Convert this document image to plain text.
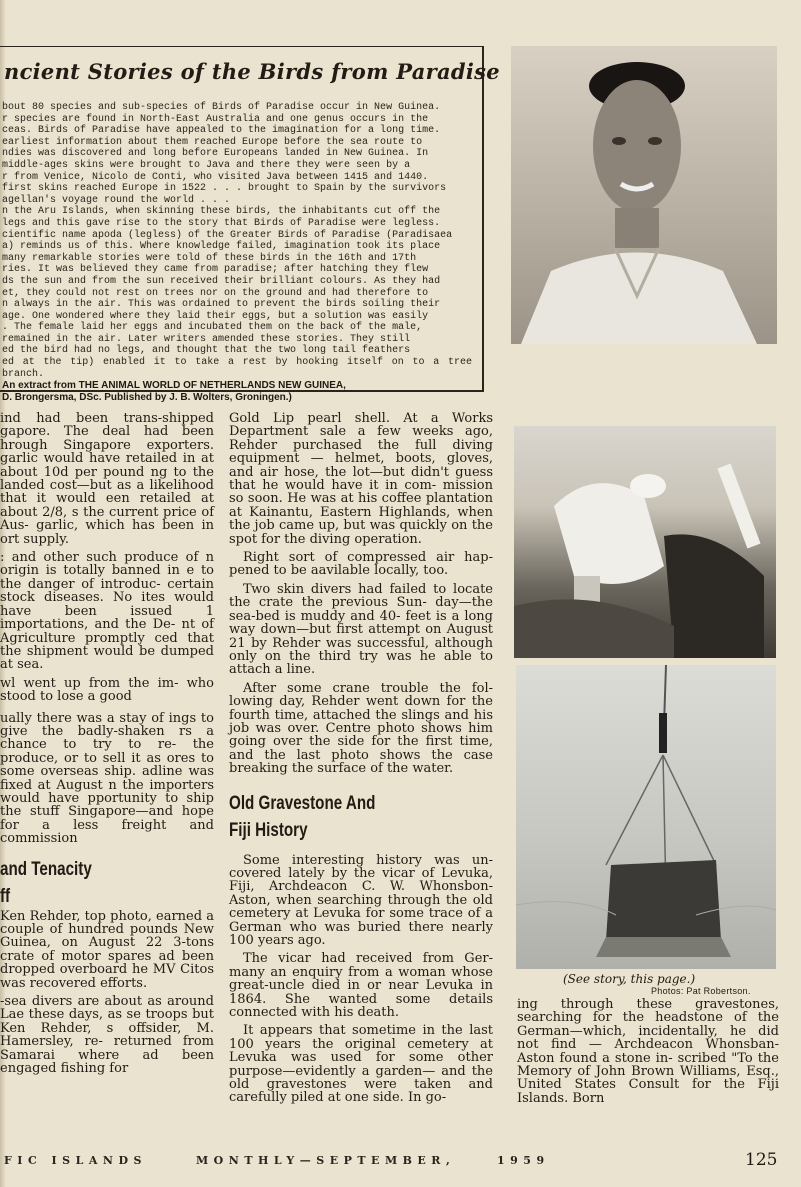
ncient Stories of the Birds from Paradise
bout 80 species and sub-species of Birds of Paradise occur in New Guinea.
r species are found in North-East Australia and one genus occurs in the
ceas. Birds of Paradise have appealed to the imagination for a long time.
earliest information about them reached Europe before the sea route to
ndies was discovered and long before Europeans landed in New Guinea. In
middle-ages skins were brought to Java and there they were seen by a
r from Venice, Nicolo de Conti, who visited Java between 1415 and 1440.
first skins reached Europe in 1522 . . . brought to Spain by the survivors
agellan's voyage round the world . . .
n the Aru Islands, when skinning these birds, the inhabitants cut off the
legs and this gave rise to the story that Birds of Paradise were legless.
cientific name apoda (legless) of the Greater Birds of Paradise (Paradisaea
a) reminds us of this. Where knowledge failed, imagination took its place
many remarkable stories were told of these birds in the 16th and 17th
ries. It was believed they came from paradise; after hatching they flew
ds the sun and from the sun received their brilliant colours. As they had
et, they could not rest on trees nor on the ground and had therefore to
n always in the air. This was ordained to prevent the birds soiling their
age. One wondered where they laid their eggs, but a solution was easily
. The female laid her eggs and incubated them on the back of the male,
remained in the air. Later writers amended these stories. They still
ed the bird had no legs, and thought that the two long tail feathers
ed at the tip) enabled it to take a rest by hooking itself on to a tree branch.
An extract from THE ANIMAL WORLD OF NETHERLANDS NEW GUINEA,
D. Brongersma, DSc. Published by J. B. Wolters, Groningen.)

ind had been trans-shipped gapore. The deal had been hrough Singapore exporters. garlic would have retailed in at about 10d per pound ng to the landed cost—but as a likelihood that it would een retailed at about 2/8, s the current price of Aus- garlic, which has been in ort supply.

: and other such produce of n origin is totally banned in e to the danger of introduc- certain stock diseases. No ites would have been issued 1 importations, and the De- nt of Agriculture promptly ced that the shipment would be dumped at sea.

wl went up from the im- who stood to lose a good

ually there was a stay of ings to give the badly-shaken rs a chance to try to re- the produce, or to sell it as ores to some overseas ship. adline was fixed at August n the importers would have pportunity to ship the stuff Singapore—and hope for a less freight and commission

and Tenacity
ff

Ken Rehder, top photo, earned a couple of hundred pounds New Guinea, on August 22 3-tons crate of motor spares ad been dropped overboard he MV Citos was recovered efforts.

-sea divers are about as around Lae these days, as se troops but Ken Rehder, s offsider, M. Hamersley, re- returned from Samarai where ad been engaged fishing for

Gold Lip pearl shell. At a Works Department sale a few weeks ago, Rehder purchased the full diving equipment — helmet, boots, gloves, and air hose, the lot—but didn't guess that he would have it in com- mission so soon. He was at his coffee plantation at Kainantu, Eastern Highlands, when the job came up, but was quickly on the spot for the diving operation.

Right sort of compressed air hap- pened to be aavilable locally, too.

Two skin divers had failed to locate the crate the previous Sun- day—the sea-bed is muddy and 40- feet is a long way down—but first attempt on August 21 by Rehder was successful, although only on the third try was he able to attach a line.

After some crane trouble the fol- lowing day, Rehder went down for the fourth time, attached the slings and his job was over. Centre photo shows him going over the side for the first time, and the last photo shows the case breaking the surface of the water.

Old Gravestone And
Fiji History

Some interesting history was un- covered lately by the vicar of Levuka, Fiji, Archdeacon C. W. Whonsbon- Aston, when searching through the old cemetery at Levuka for some trace of a German who was buried there nearly 100 years ago.

The vicar had received from Ger- many an enquiry from a woman whose great-uncle died in or near Levuka in 1864. She wanted some details connected with his death.

It appears that sometime in the last 100 years the original cemetery at Levuka was used for some other purpose—evidently a garden— and the old gravestones were taken and carefully piled at one side. In go-

(See story, this page.)
Photos: Pat Robertson.

ing through these gravestones, searching for the headstone of the German—which, incidentally, he did not find — Archdeacon Whonsban-Aston found a stone in- scribed "To the Memory of John Brown Williams, Esq., United States Consult for the Fiji Islands. Born

FIC ISLANDS	MONTHLY—SEPTEMBER,	1959	125
